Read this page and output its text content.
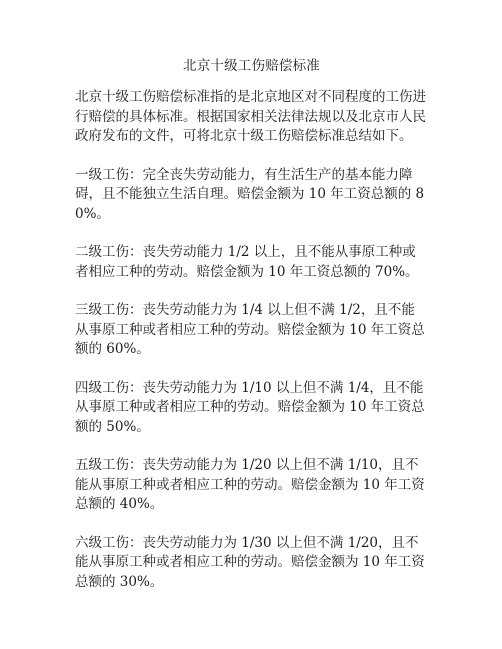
北京十级工伤赔偿标准

北京十级工伤赔偿标准指的是北京地区对不同程度的工伤进行赔偿的具体标准。根据国家相关法律法规以及北京市人民政府发布的文件，可将北京十级工伤赔偿标准总结如下。

一级工伤：完全丧失劳动能力，有生活生产的基本能力障碍，且不能独立生活自理。赔偿金额为 10 年工资总额的 80%。

二级工伤：丧失劳动能力 1/2 以上，且不能从事原工种或者相应工种的劳动。赔偿金额为 10 年工资总额的 70%。

三级工伤：丧失劳动能力为 1/4 以上但不满 1/2，且不能从事原工种或者相应工种的劳动。赔偿金额为 10 年工资总额的 60%。

四级工伤：丧失劳动能力为 1/10 以上但不满 1/4，且不能从事原工种或者相应工种的劳动。赔偿金额为 10 年工资总额的 50%。

五级工伤：丧失劳动能力为 1/20 以上但不满 1/10，且不能从事原工种或者相应工种的劳动。赔偿金额为 10 年工资总额的 40%。

六级工伤：丧失劳动能力为 1/30 以上但不满 1/20，且不能从事原工种或者相应工种的劳动。赔偿金额为 10 年工资总额的 30%。
